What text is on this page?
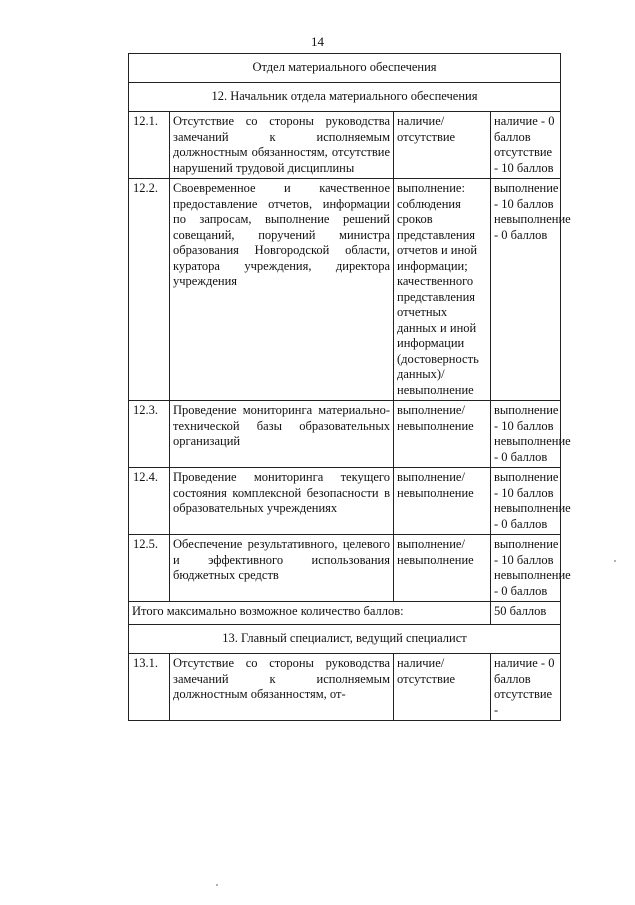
14
Отдел материального обеспечения			
12. Начальник отдела материального обеспечения			
12.1.	Отсутствие со стороны руководства замечаний к исполняемым должностным обязанностям, отсутствие нарушений трудовой дисциплины	наличие/отсутствие	наличие - 0 баллов отсутствие - 10 баллов
12.2.	Своевременное и качественное предоставление отчетов, информации по запросам, выполнение решений совещаний, поручений министра образования Новгородской области, куратора учреждения, директора учреждения	выполнение: соблюдения сроков представления отчетов и иной информации; качественного представления отчетных данных и иной информации (достоверность данных)/невыполнение	выполнение - 10 баллов невыполнение - 0 баллов
12.3.	Проведение мониторинга материально-технической базы образовательных организаций	выполнение/невыполнение	выполнение - 10 баллов невыполнение - 0 баллов
12.4.	Проведение мониторинга текущего состояния комплексной безопасности в образовательных учреждениях	выполнение/невыполнение	выполнение - 10 баллов невыполнение - 0 баллов
12.5.	Обеспечение результативного, целевого и эффективного использования бюджетных средств	выполнение/невыполнение	выполнение - 10 баллов невыполнение - 0 баллов
Итого максимально возможное количество баллов:			50 баллов
13. Главный специалист, ведущий специалист			
13.1.	Отсутствие со стороны руководства замечаний к исполняемым должностным обязанностям, от-	наличие/отсутствие	наличие - 0 баллов отсутствие -
